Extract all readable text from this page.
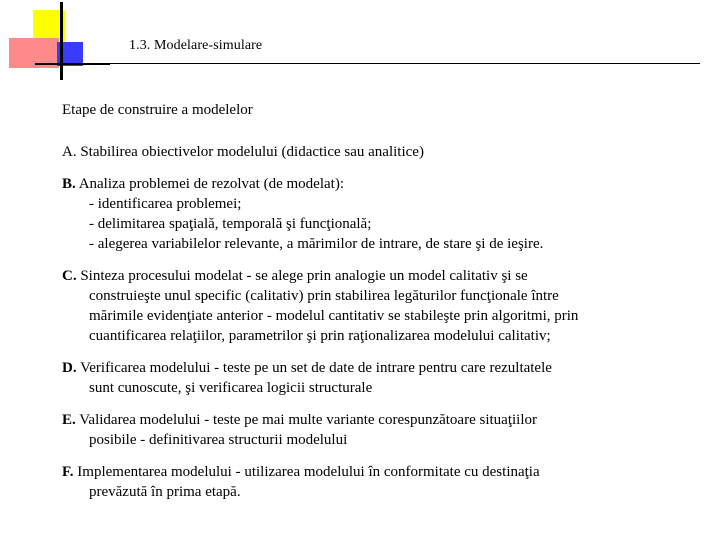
1.3. Modelare-simulare
Etape de construire a modelelor
A. Stabilirea obiectivelor modelului (didactice sau analitice)
B. Analiza problemei de rezolvat (de modelat):
- identificarea problemei;
- delimitarea spaţială, temporală şi funcţională;
- alegerea variabilelor relevante, a mărimilor de intrare, de stare şi de ieşire.
C. Sinteza procesului modelat - se alege prin analogie un model calitativ şi se
construieşte unul specific (calitativ) prin stabilirea legăturilor funcţionale între
mărimile evidenţiate anterior - modelul cantitativ se stabileşte prin algoritmi, prin
cuantificarea relaţiilor, parametrilor şi prin raţionalizarea modelului calitativ;
D. Verificarea modelului - teste pe un set de date de intrare pentru care rezultatele
sunt cunoscute, şi verificarea logicii structurale
E. Validarea modelului - teste pe mai multe variante corespunzătoare situaţiilor
posibile - definitivarea structurii modelului
F. Implementarea modelului - utilizarea modelului în conformitate cu destinaţia
prevăzută în prima etapă.
